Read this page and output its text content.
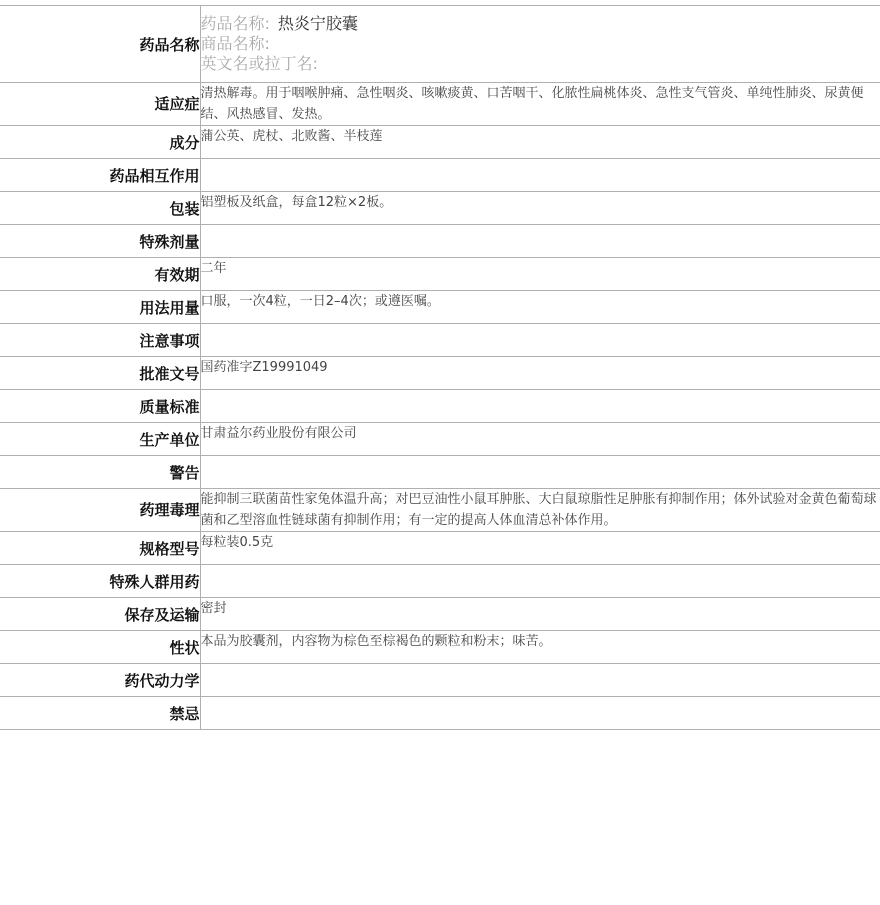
药品名称	药品名称: 热炎宁胶囊
商品名称:
英文名或拉丁名:

适应症	清热解毒。用于咽喉肿痛、急性咽炎、咳嗽痰黄、口苦咽干、化脓性扁桃体炎、急性支气管炎、单纯性肺炎、尿黄便结、风热感冒、发热。
成分	蒲公英、虎杖、北败酱、半枝莲
药品相互作用	
包装	铝塑板及纸盒，每盒12粒×2板。
特殊剂量	
有效期	二年
用法用量	口服，一次4粒，一日2–4次；或遵医嘱。
注意事项	
批准文号	国药准字Z19991049
质量标准	
生产单位	甘肃益尔药业股份有限公司
警告	
药理毒理	能抑制三联菌苗性家兔体温升高；对巴豆油性小鼠耳肿胀、大白鼠琼脂性足肿胀有抑制作用；体外试验对金黄色葡萄球菌和乙型溶血性链球菌有抑制作用；有一定的提高人体血清总补体作用。
规格型号	每粒装0.5克
特殊人群用药	
保存及运输	密封
性状	本品为胶囊剂，内容物为棕色至棕褐色的颗粒和粉末；味苦。
药代动力学	
禁忌	
